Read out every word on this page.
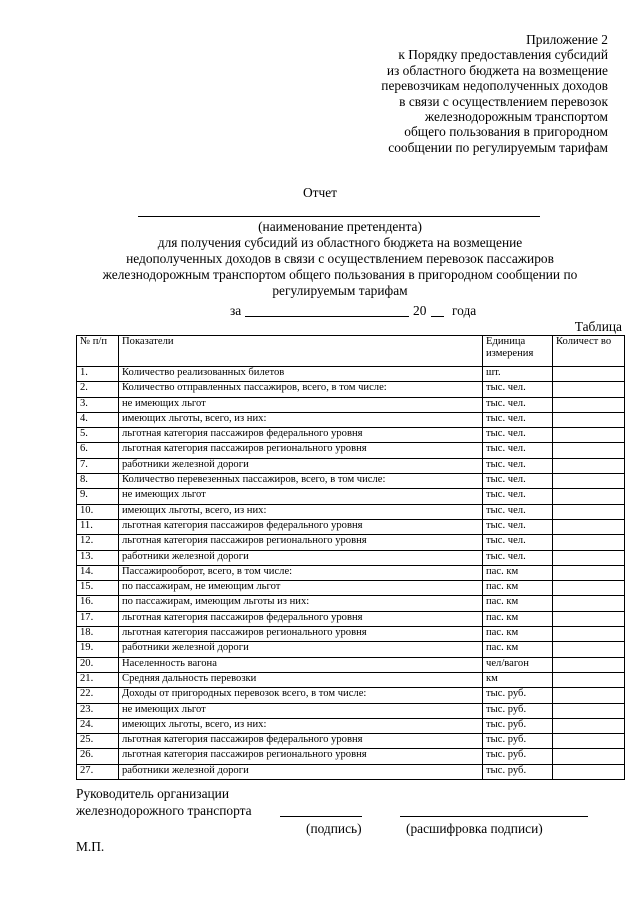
Приложение 2
к Порядку предоставления субсидий
из областного бюджета на возмещение
перевозчикам недополученных доходов
в связи с осуществлением перевозок
железнодорожным транспортом
общего пользования в пригородном
сообщении по регулируемым тарифам
Отчет
(наименование претендента)
для получения субсидий из областного бюджета на возмещение
недополученных доходов в связи с осуществлением перевозок пассажиров
железнодорожным транспортом общего пользования в пригородном сообщении по
регулируемым тарифам
за	20 года
Таблица
№ п/п	Показатели	Единица измерения	Количест во
1.	Количество реализованных билетов	шт.	
2.	Количество отправленных пассажиров, всего, в том числе:	тыс. чел.	
3.	не имеющих льгот	тыс. чел.	
4.	имеющих льготы, всего, из них:	тыс. чел.	
5.	льготная категория пассажиров федерального уровня	тыс. чел.	
6.	льготная категория пассажиров регионального уровня	тыс. чел.	
7.	работники железной дороги	тыс. чел.	
8.	Количество перевезенных пассажиров, всего, в том числе:	тыс. чел.	
9.	не имеющих льгот	тыс. чел.	
10.	имеющих льготы, всего, из них:	тыс. чел.	
11.	льготная категория пассажиров федерального уровня	тыс. чел.	
12.	льготная категория пассажиров регионального уровня	тыс. чел.	
13.	работники железной дороги	тыс. чел.	
14.	Пассажирооборот, всего, в том числе:	пас. км	
15.	по пассажирам, не имеющим льгот	пас. км	
16.	по пассажирам, имеющим льготы из них:	пас. км	
17.	льготная категория пассажиров федерального уровня	пас. км	
18.	льготная категория пассажиров регионального уровня	пас. км	
19.	работники железной дороги	пас. км	
20.	Населенность вагона	чел/вагон	
21.	Средняя дальность перевозки	км	
22.	Доходы от пригородных перевозок всего, в том числе:	тыс. руб.	
23.	не имеющих льгот	тыс. руб.	
24.	имеющих льготы, всего, из них:	тыс. руб.	
25.	льготная категория пассажиров федерального уровня	тыс. руб.	
26.	льготная категория пассажиров регионального уровня	тыс. руб.	
27.	работники железной дороги	тыс. руб.	
Руководитель организации
железнодорожного транспорта
(подпись)	(расшифровка подписи)
М.П.
